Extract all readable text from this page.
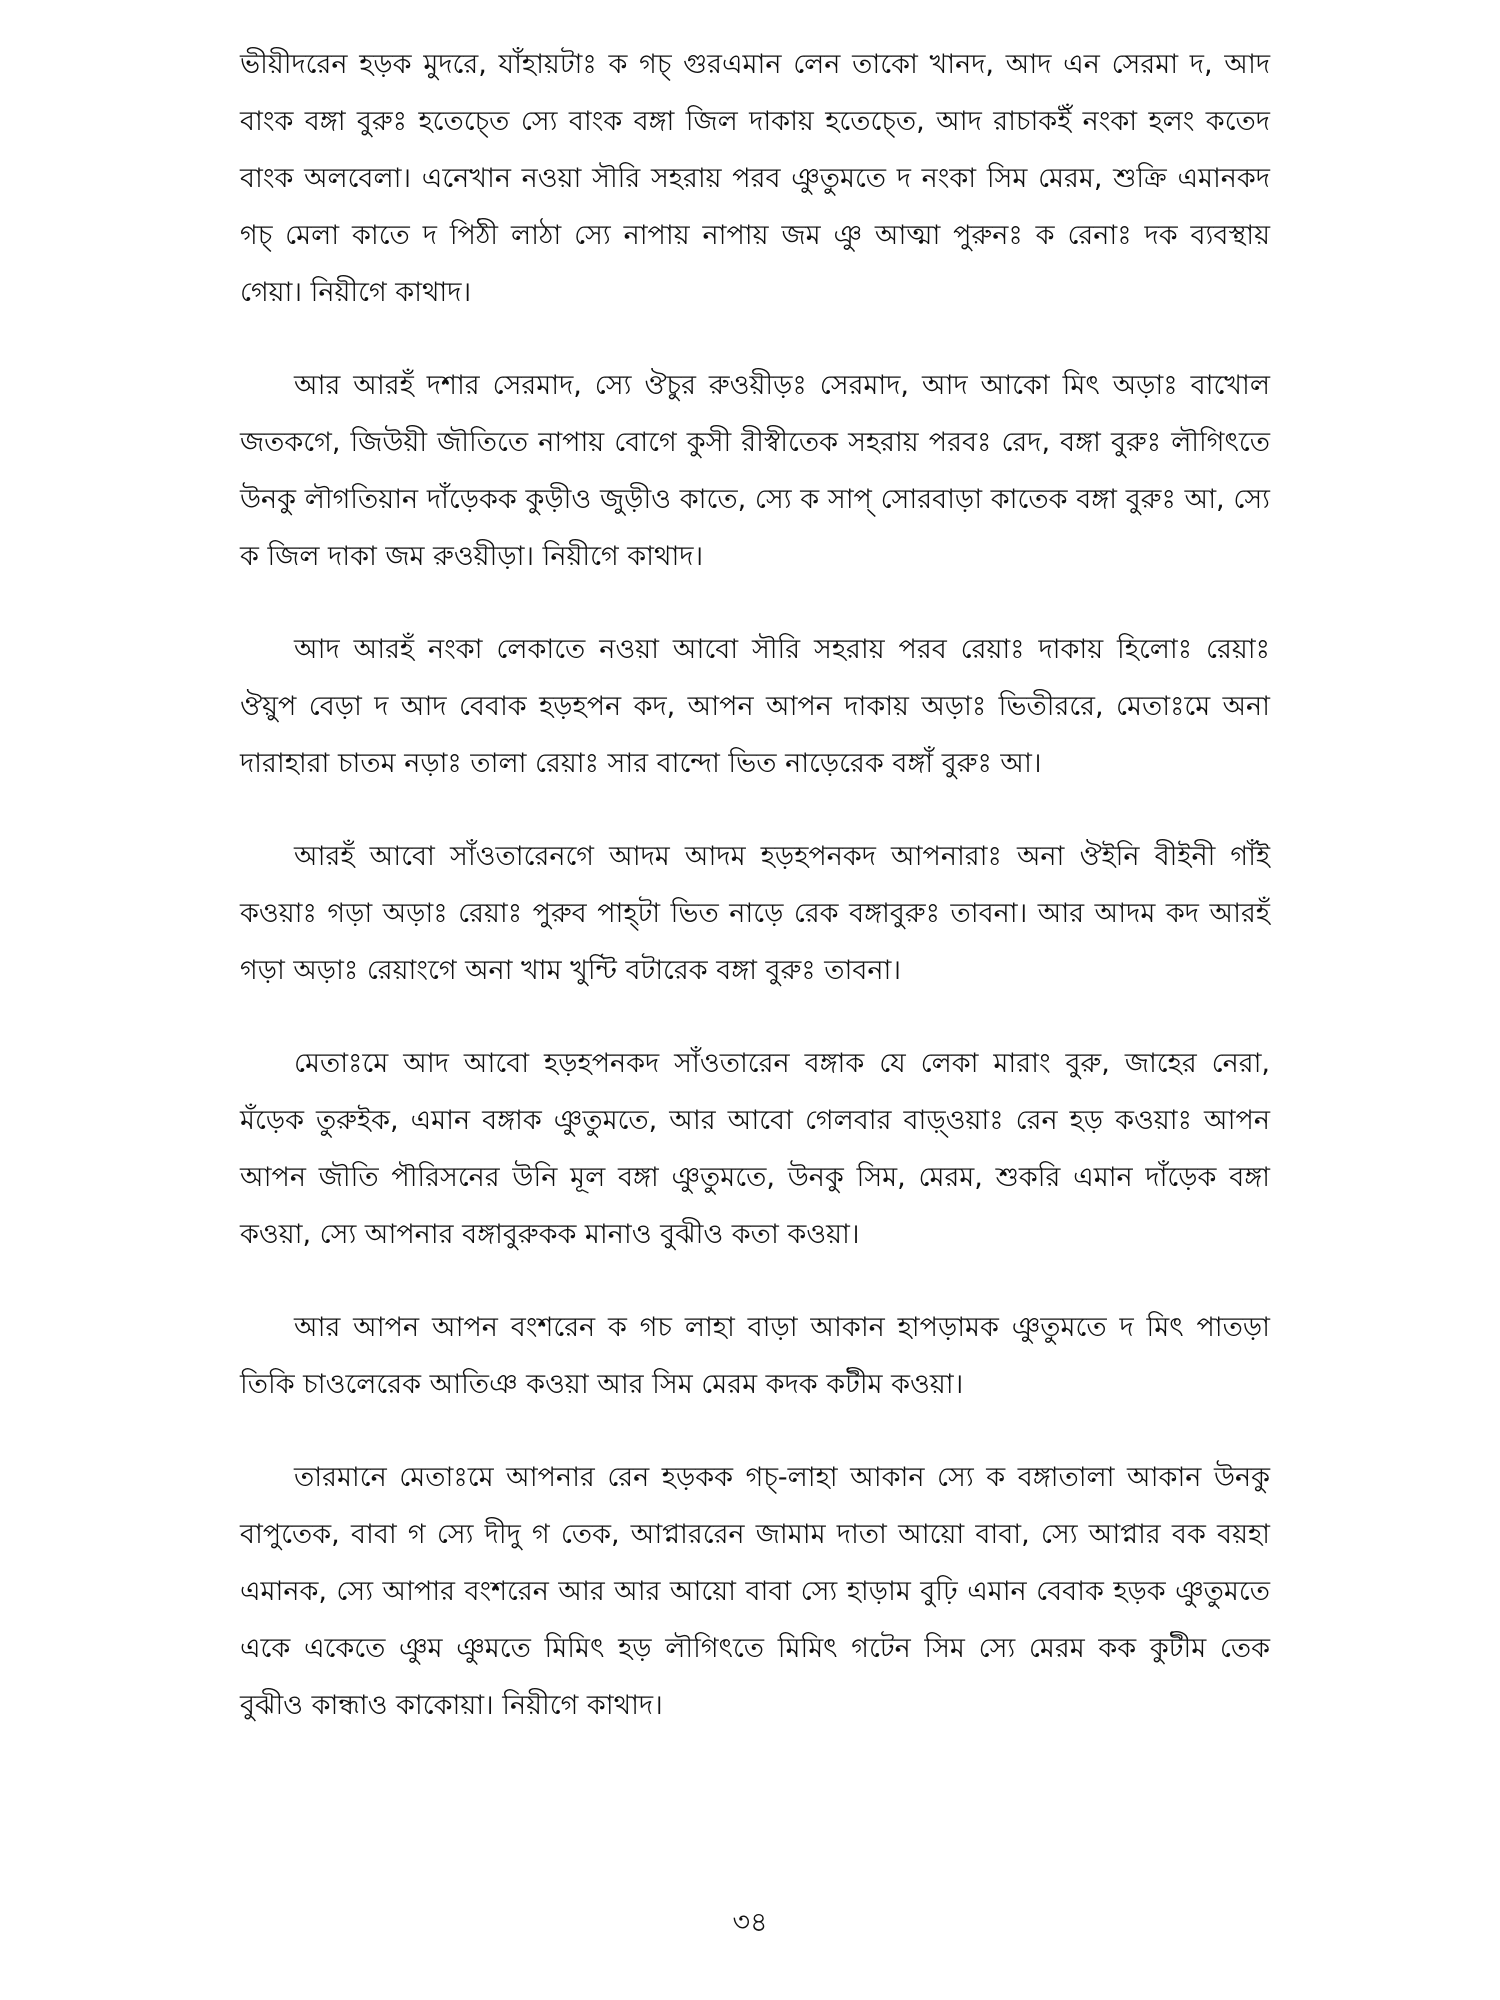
ভীয়ীদরেন হড়ক মুদরে, যাঁহায়টাঃ ক গচ্ গুরএমান লেন তাকো খানদ, আদ এন সেরমা দ, আদ বাংক বঙ্গা বুরুঃ হতেচ্তে স্যে বাংক বঙ্গা জিল দাকায় হতেচ্তে, আদ রাচাকইঁ নংকা হলং কতেদ বাংক অলবেলা। এনেখান নওয়া সৗরি সহরায় পরব ঞুতুমতে দ নংকা সিম মেরম, শুক্রি এমানকদ গচ্ মেলা কাতে দ পিঠী লাঠা স্যে নাপায় নাপায় জম ঞু আত্মা পুরুনঃ ক রেনাঃ দক ব্যবস্থায় গেয়া। নিয়ীগে কাথাদ।

আর আরহঁ দশার সেরমাদ, স্যে ঔচুর রুওয়ীড়ঃ সেরমাদ, আদ আকো মিৎ অড়াঃ বাখোল জতকগে, জিউয়ী জৗতিতে নাপায় বোগে কুসী রীস্বীতেক সহরায় পরবঃ রেদ, বঙ্গা বুরুঃ লৗগিৎতে উনকু লৗগতিয়ান দাঁড়েকক কুড়ীও জুড়ীও কাতে, স্যে ক সাপ্ সোরবাড়া কাতেক বঙ্গা বুরুঃ আ, স্যে ক জিল দাকা জম রুওয়ীড়া। নিয়ীগে কাথাদ।

আদ আরহঁ নংকা লেকাতে নওয়া আবো সৗরি সহরায় পরব রেয়াঃ দাকায় হিলোঃ রেয়াঃ ঔয়ুপ বেড়া দ আদ বেবাক হড়হপন কদ, আপন আপন দাকায় অড়াঃ ভিতীররে, মেতাঃমে অনা দারাহারা চাতম নড়াঃ তালা রেয়াঃ সার বান্দো ভিত নাড়েরেক বঙ্গাঁ বুরুঃ আ।

আরহঁ আবো সাঁওতারেনগে আদম আদম হড়হপনকদ আপনারাঃ অনা ঔইনি বীইনী গাঁই কওয়াঃ গড়া অড়াঃ রেয়াঃ পুরুব পাহ্টা ভিত নাড়ে রেক বঙ্গাবুরুঃ তাবনা। আর আদম কদ আরহঁ গড়া অড়াঃ রেয়াংগে অনা খাম খুন্টি বটারেক বঙ্গা বুরুঃ তাবনা।

মেতাঃমে আদ আবো হড়হপনকদ সাঁওতারেন বঙ্গাক যে লেকা মারাং বুরু, জাহের নেরা, মঁড়েক তুরুইক, এমান বঙ্গাক ঞুতুমতে, আর আবো গেলবার বাড়্ওয়াঃ রেন হড় কওয়াঃ আপন আপন জৗতি পৗরিসনের উনি মূল বঙ্গা ঞুতুমতে, উনকু সিম, মেরম, শুকরি এমান দাঁড়েক বঙ্গা কওয়া, স্যে আপনার বঙ্গাবুরুকক মানাও বুঝীও কতা কওয়া।

আর আপন আপন বংশরেন ক গচ লাহা বাড়া আকান হাপড়ামক ঞুতুমতে দ মিৎ পাতড়া তিকি চাওলেরেক আতিঞ কওয়া আর সিম মেরম কদক কটীম কওয়া।

তারমানে মেতাঃমে আপনার রেন হড়কক গচ্-লাহা আকান স্যে ক বঙ্গাতালা আকান উনকু বাপুতেক, বাবা গ স্যে দীদু গ তেক, আপ্নাররেন জামাম দাতা আয়ো বাবা, স্যে আপ্নার বক বয়হা এমানক, স্যে আপার বংশরেন আর আর আয়ো বাবা স্যে হাড়াম বুঢ়ি এমান বেবাক হড়ক ঞুতুমতে একে একেতে ঞুম ঞুমতে মিমিৎ হড় লৗগিৎতে মিমিৎ গটেন সিম স্যে মেরম কক কুটীম তেক বুঝীও কান্ধাও কাকোয়া। নিয়ীগে কাথাদ।

৩৪
